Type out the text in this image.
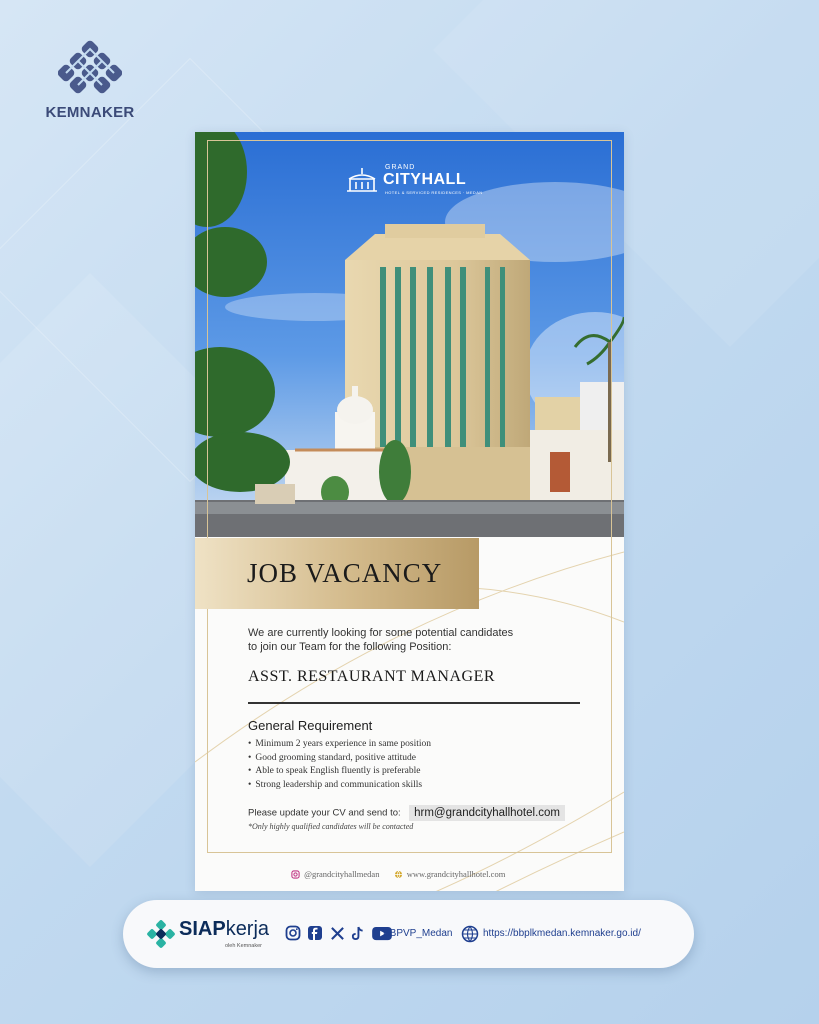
KEMNAKER
GRAND
CITYHALL
HOTEL & SERVICED RESIDENCES · MEDAN
JOB VACANCY
We are currently looking for some potential candidates
to join our Team for the following Position:
ASST. RESTAURANT MANAGER
General Requirement
• Minimum 2 years experience in same position
• Good grooming standard, positive attitude
• Able to speak English fluently is preferable
• Strong leadership and communication skills
Please update your CV and send to: hrm@grandcityhallhotel.com
*Only highly qualified candidates will be contacted
@grandcityhallmedan	www.grandcityhallhotel.com
SIAPkerja
oleh Kemnaker

BBPVP_Medan	https://bbplkmedan.kemnaker.go.id/
